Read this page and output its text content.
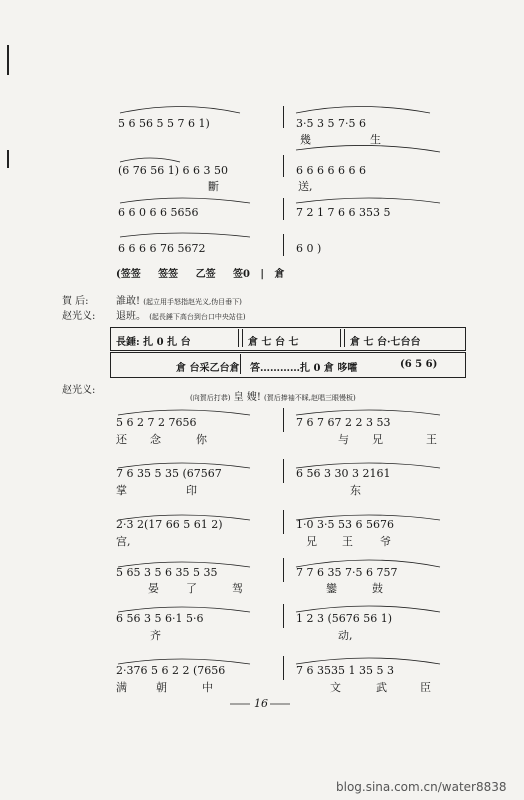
5 6 56 5 5 7 6 1)	3·5 3 5 7·5 6
幾	生
(6 76 56 1) 6 6 3 50	6 6 6 6 6 6 6
斷	送,
6 6 0 6 6 5656	7 2 1 7 6 6 353 5
6 6 6 6 76 5672	6 0 )
(签签 签签 乙签 签0   |   倉
賀 后:	誰敢! (起立用手怒指赵光义,伪目垂下)
赵光义: 退班。 (起長錘下高台到台口中央站住)
長錘: 扎 0 扎 台	倉 七 台 七	倉 七 台·七台台
倉 台采乙台倉 答…………扎 0 倉 哆嚯	(6 5 6)
赵光义:
(向賀后打恭) 皇 嫂! (賀后捧袖不睬,赵唱三眼慢板)
5 6 2 7 2 7656	7 6 7 67 2 2 3 53
还 念	你	与 兄	王
7 6 35 5 35 (67567	6 56 3 30 3 2161
掌	印	东
2·3 2(17 66 5 61 2)	1·0 3·5 53 6 5676
宫,	兄 王 爷
5 65 3 5 6 35 5 35	7 7 6 35 7·5 6 757
晏 了	驾	鑾	鼓
6 56 3 5 6·1 5·6	1 2 3 (5676 56 1)
齐	动,
2·376 5 6 2 2 (7656	7 6 3535 1 35 5 3
满	朝	中	文	武	臣
16
blog.sina.com.cn/water8838
